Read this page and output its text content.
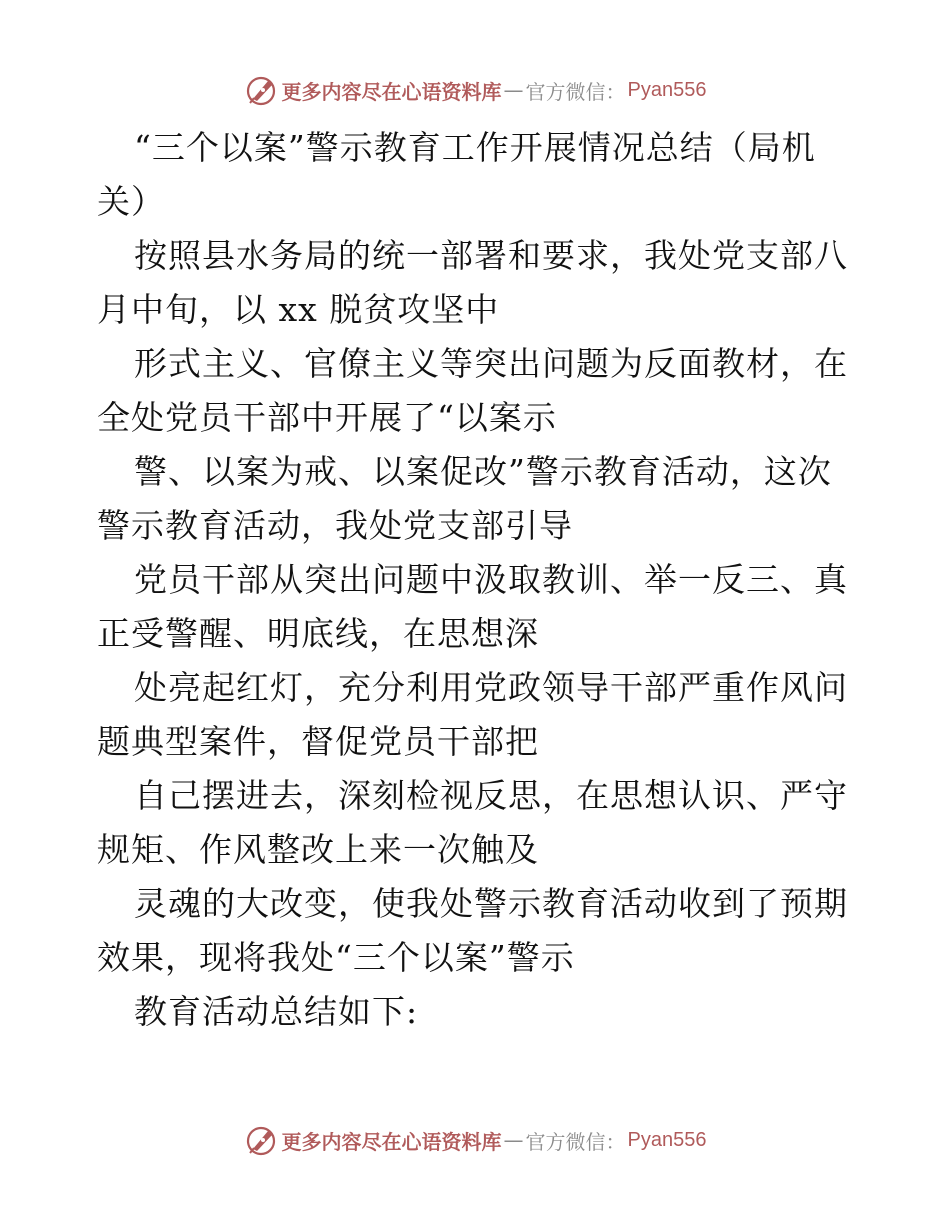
更多内容尽在心语资料库 — 官方微信： Pyan556
“三个以案”警示教育工作开展情况总结（局机
关）
按照县水务局的统一部署和要求，我处党支部八
月中旬，以 xx 脱贫攻坚中
形式主义、官僚主义等突出问题为反面教材，在
全处党员干部中开展了“以案示
警、以案为戒、以案促改”警示教育活动，这次
警示教育活动，我处党支部引导
党员干部从突出问题中汲取教训、举一反三、真
正受警醒、明底线，在思想深
处亮起红灯，充分利用党政领导干部严重作风问
题典型案件，督促党员干部把
自己摆进去，深刻检视反思，在思想认识、严守
规矩、作风整改上来一次触及
灵魂的大改变，使我处警示教育活动收到了预期
效果，现将我处“三个以案”警示
教育活动总结如下:
更多内容尽在心语资料库 — 官方微信： Pyan556
